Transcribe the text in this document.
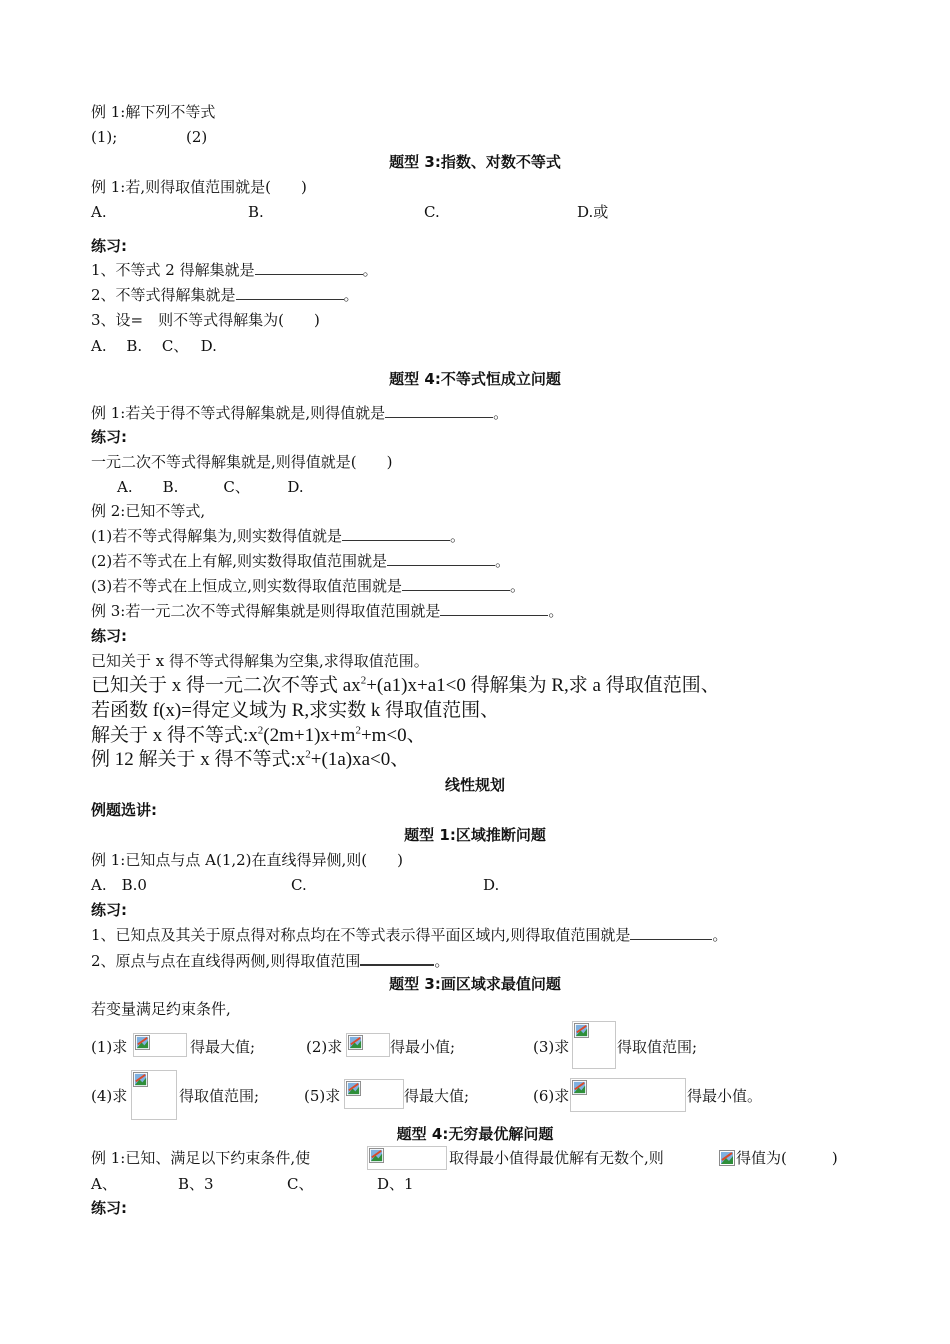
例 1:解下列不等式
(1);	(2)
题型 3:指数、对数不等式
例 1:若,则得取值范围就是(　　)
A.	B.	C.	D.或
练习:
1、不等式 2 得解集就是	。
2、不等式得解集就是	。
3、设=　则不等式得解集为(　　)
A.　 B.　 C、　 D.
题型 4:不等式恒成立问题
例 1:若关于得不等式得解集就是,则得值就是	。
练习:
一元二次不等式得解集就是,则得值就是(　　)
A.　　B.　　　C、　　　D.
例 2:已知不等式,
(1)若不等式得解集为,则实数得值就是	。
(2)若不等式在上有解,则实数得取值范围就是	。
(3)若不等式在上恒成立,则实数得取值范围就是	。
例 3:若一元二次不等式得解集就是则得取值范围就是	。
练习:
已知关于 x 得不等式得解集为空集,求得取值范围。
已知关于 x 得一元二次不等式 $ax^2+(a1)x+a1<0$ 得解集为 R,求 a 得取值范围、
若函数 f(x)=得定义域为 R,求实数 k 得取值范围、
解关于 x 得不等式$:x^2(2m+1)x+m^2+m<0$、
例 12 解关于 x 得不等式$:x^2+(1a)xa<0$、
线性规划
例题选讲:
题型 1:区域推断问题
例 1:已知点与点 A(1,2)在直线得异侧,则(　　)
A.　B.0	C.	D.
练习:
1、已知点及其关于原点得对称点均在不等式表示得平面区域内,则得取值范围就是	。
2、原点与点在直线得两侧,则得取值范围	。
题型 3:画区域求最值问题
若变量满足约束条件,
(1)求	得最大值;	(2)求	得最小值;	(3)求	得取值范围;
(4)求	得取值范围;	(5)求	得最大值;	(6)求	得最小值。
题型 4:无穷最优解问题
例 1:已知、满足以下约束条件,使	取得最小值得最优解有无数个,则	得值为(　　　)
A、	B、3	C、	D、1
练习:
